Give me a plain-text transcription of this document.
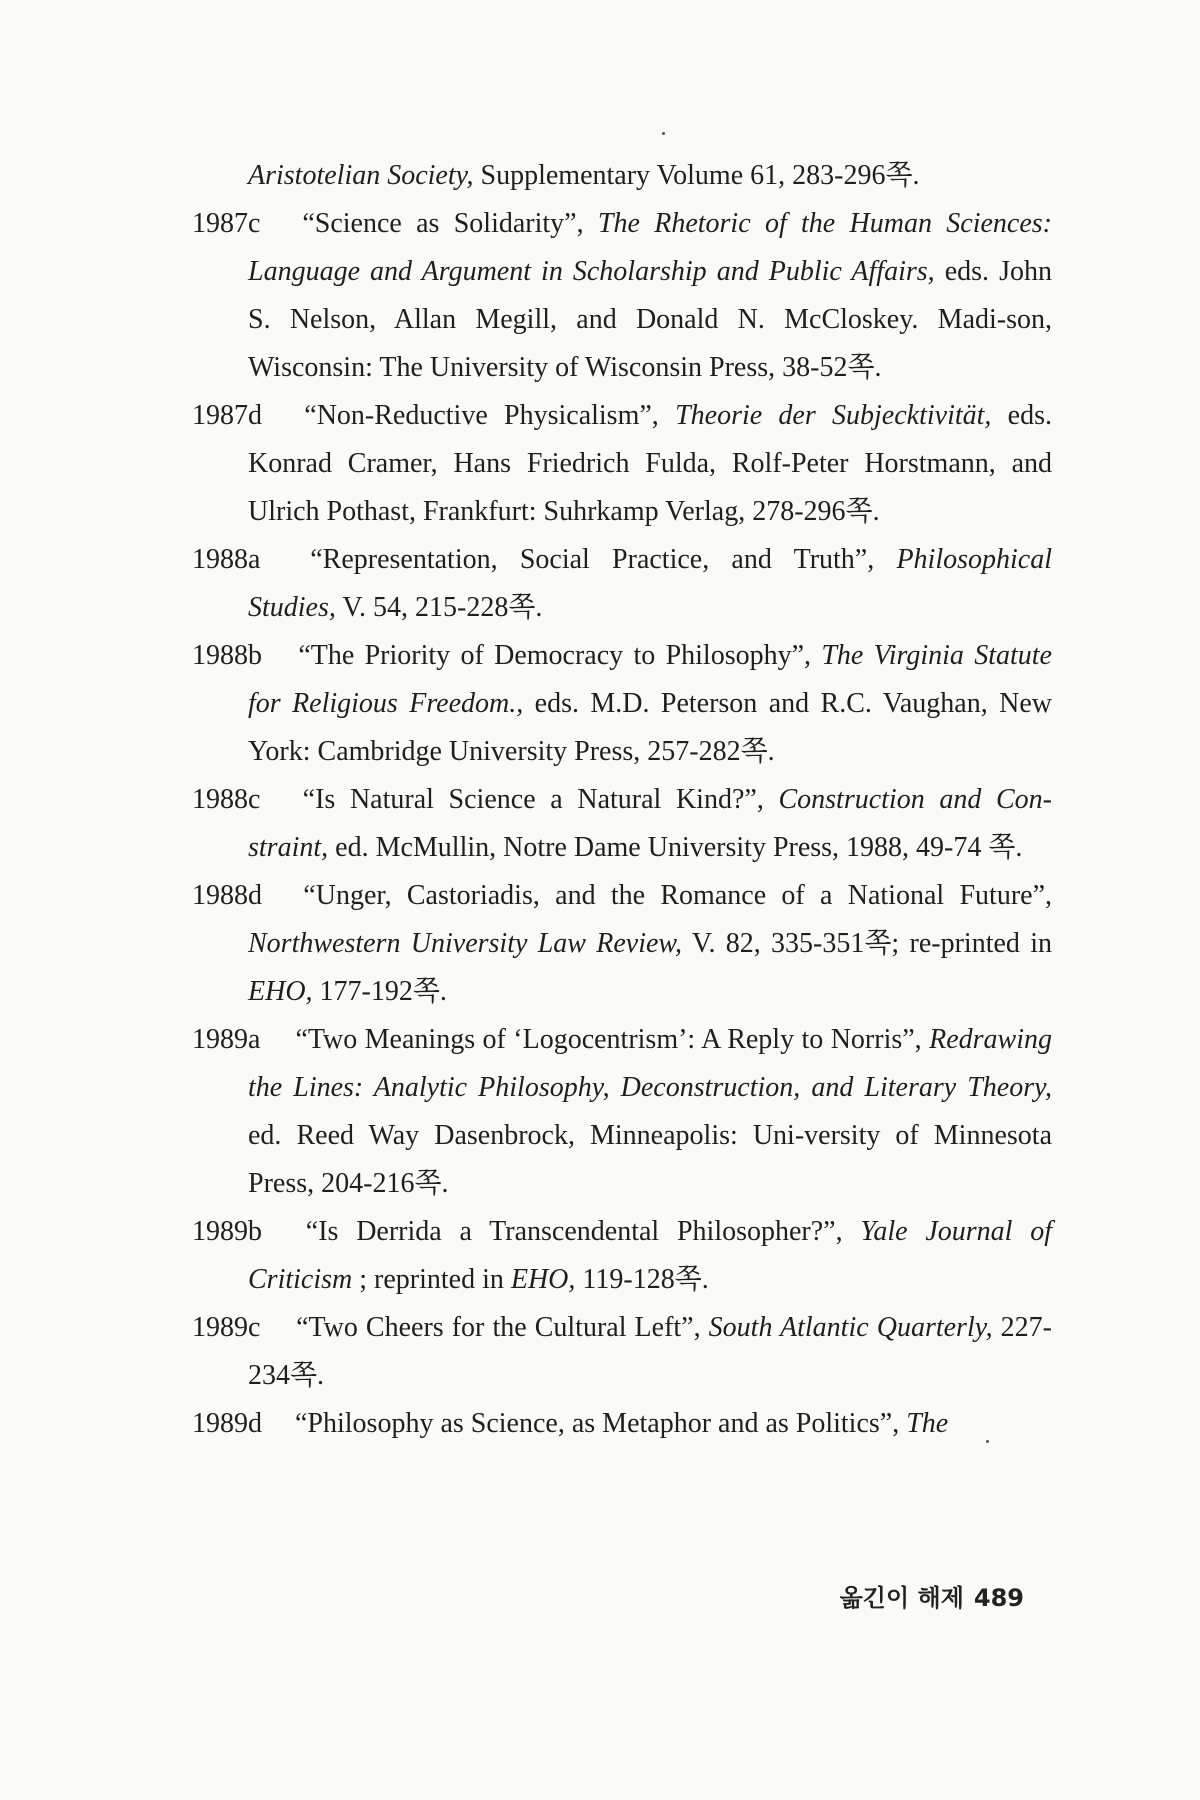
Aristotelian Society, Supplementary Volume 61, 283-296쪽.
1987c “Science as Solidarity”, The Rhetoric of the Human Sciences: Language and Argument in Scholarship and Public Affairs, eds. John S. Nelson, Allan Megill, and Donald N. McCloskey. Madi-son, Wisconsin: The University of Wisconsin Press, 38-52쪽.
1987d “Non-Reductive Physicalism”, Theorie der Subjecktivität, eds. Konrad Cramer, Hans Friedrich Fulda, Rolf-Peter Horstmann, and Ulrich Pothast, Frankfurt: Suhrkamp Verlag, 278-296쪽.
1988a “Representation, Social Practice, and Truth”, Philosophical Studies, V. 54, 215-228쪽.
1988b “The Priority of Democracy to Philosophy”, The Virginia Statute for Religious Freedom., eds. M.D. Peterson and R.C. Vaughan, New York: Cambridge University Press, 257-282쪽.
1988c “Is Natural Science a Natural Kind?”, Construction and Con-straint, ed. McMullin, Notre Dame University Press, 1988, 49-74 쪽.
1988d “Unger, Castoriadis, and the Romance of a National Future”, Northwestern University Law Review, V. 82, 335-351쪽; re-printed in EHO, 177-192쪽.
1989a “Two Meanings of ‘Logocentrism’: A Reply to Norris”, Redrawing the Lines: Analytic Philosophy, Deconstruction, and Literary Theory, ed. Reed Way Dasenbrock, Minneapolis: Uni-versity of Minnesota Press, 204-216쪽.
1989b “Is Derrida a Transcendental Philosopher?”, Yale Journal of Criticism ; reprinted in EHO, 119-128쪽.
1989c “Two Cheers for the Cultural Left”, South Atlantic Quarterly, 227-234쪽.
1989d “Philosophy as Science, as Metaphor and as Politics”, The
옮긴이 해제 489
